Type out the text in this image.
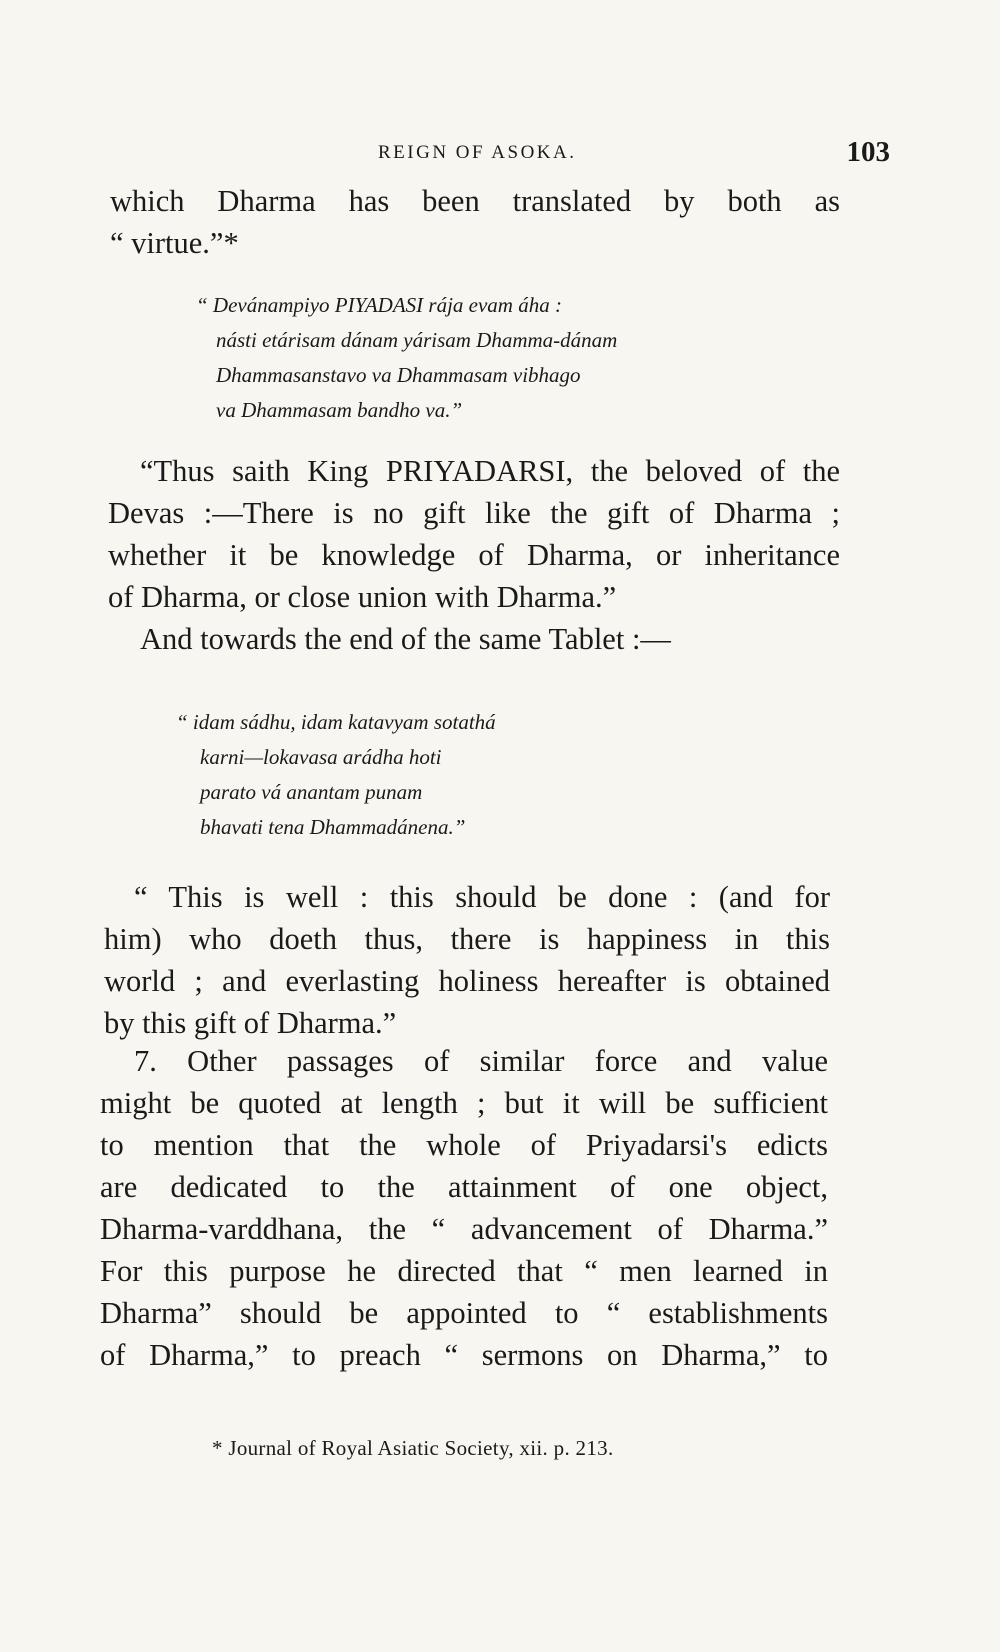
REIGN OF ASOKA.	103
which Dharma has been translated by both as
“ virtue.”*
“ Devánampiyo PIYADASI rája evam áha :
násti etárisam dánam yárisam Dhamma-dánam
Dhammasanstavo va Dhammasam vibhago
va Dhammasam bandho va.”
“Thus saith King PRIYADARSI, the beloved of the
Devas :—There is no gift like the gift of Dharma ;
whether it be knowledge of Dharma, or inheritance
of Dharma, or close union with Dharma.”
And towards the end of the same Tablet :—
“ idam sádhu, idam katavyam sotathá
karni—lokavasa arádha hoti
parato vá anantam punam
bhavati tena Dhammadánena.”
“ This is well : this should be done : (and for
him) who doeth thus, there is happiness in this
world ; and everlasting holiness hereafter is obtained
by this gift of Dharma.”
7. Other passages of similar force and value
might be quoted at length ; but it will be sufficient
to mention that the whole of Priyadarsi's edicts
are dedicated to the attainment of one object,
Dharma-varddhana, the “ advancement of Dharma.”
For this purpose he directed that “ men learned in
Dharma” should be appointed to “ establishments
of Dharma,” to preach “ sermons on Dharma,” to
* Journal of Royal Asiatic Society, xii. p. 213.
